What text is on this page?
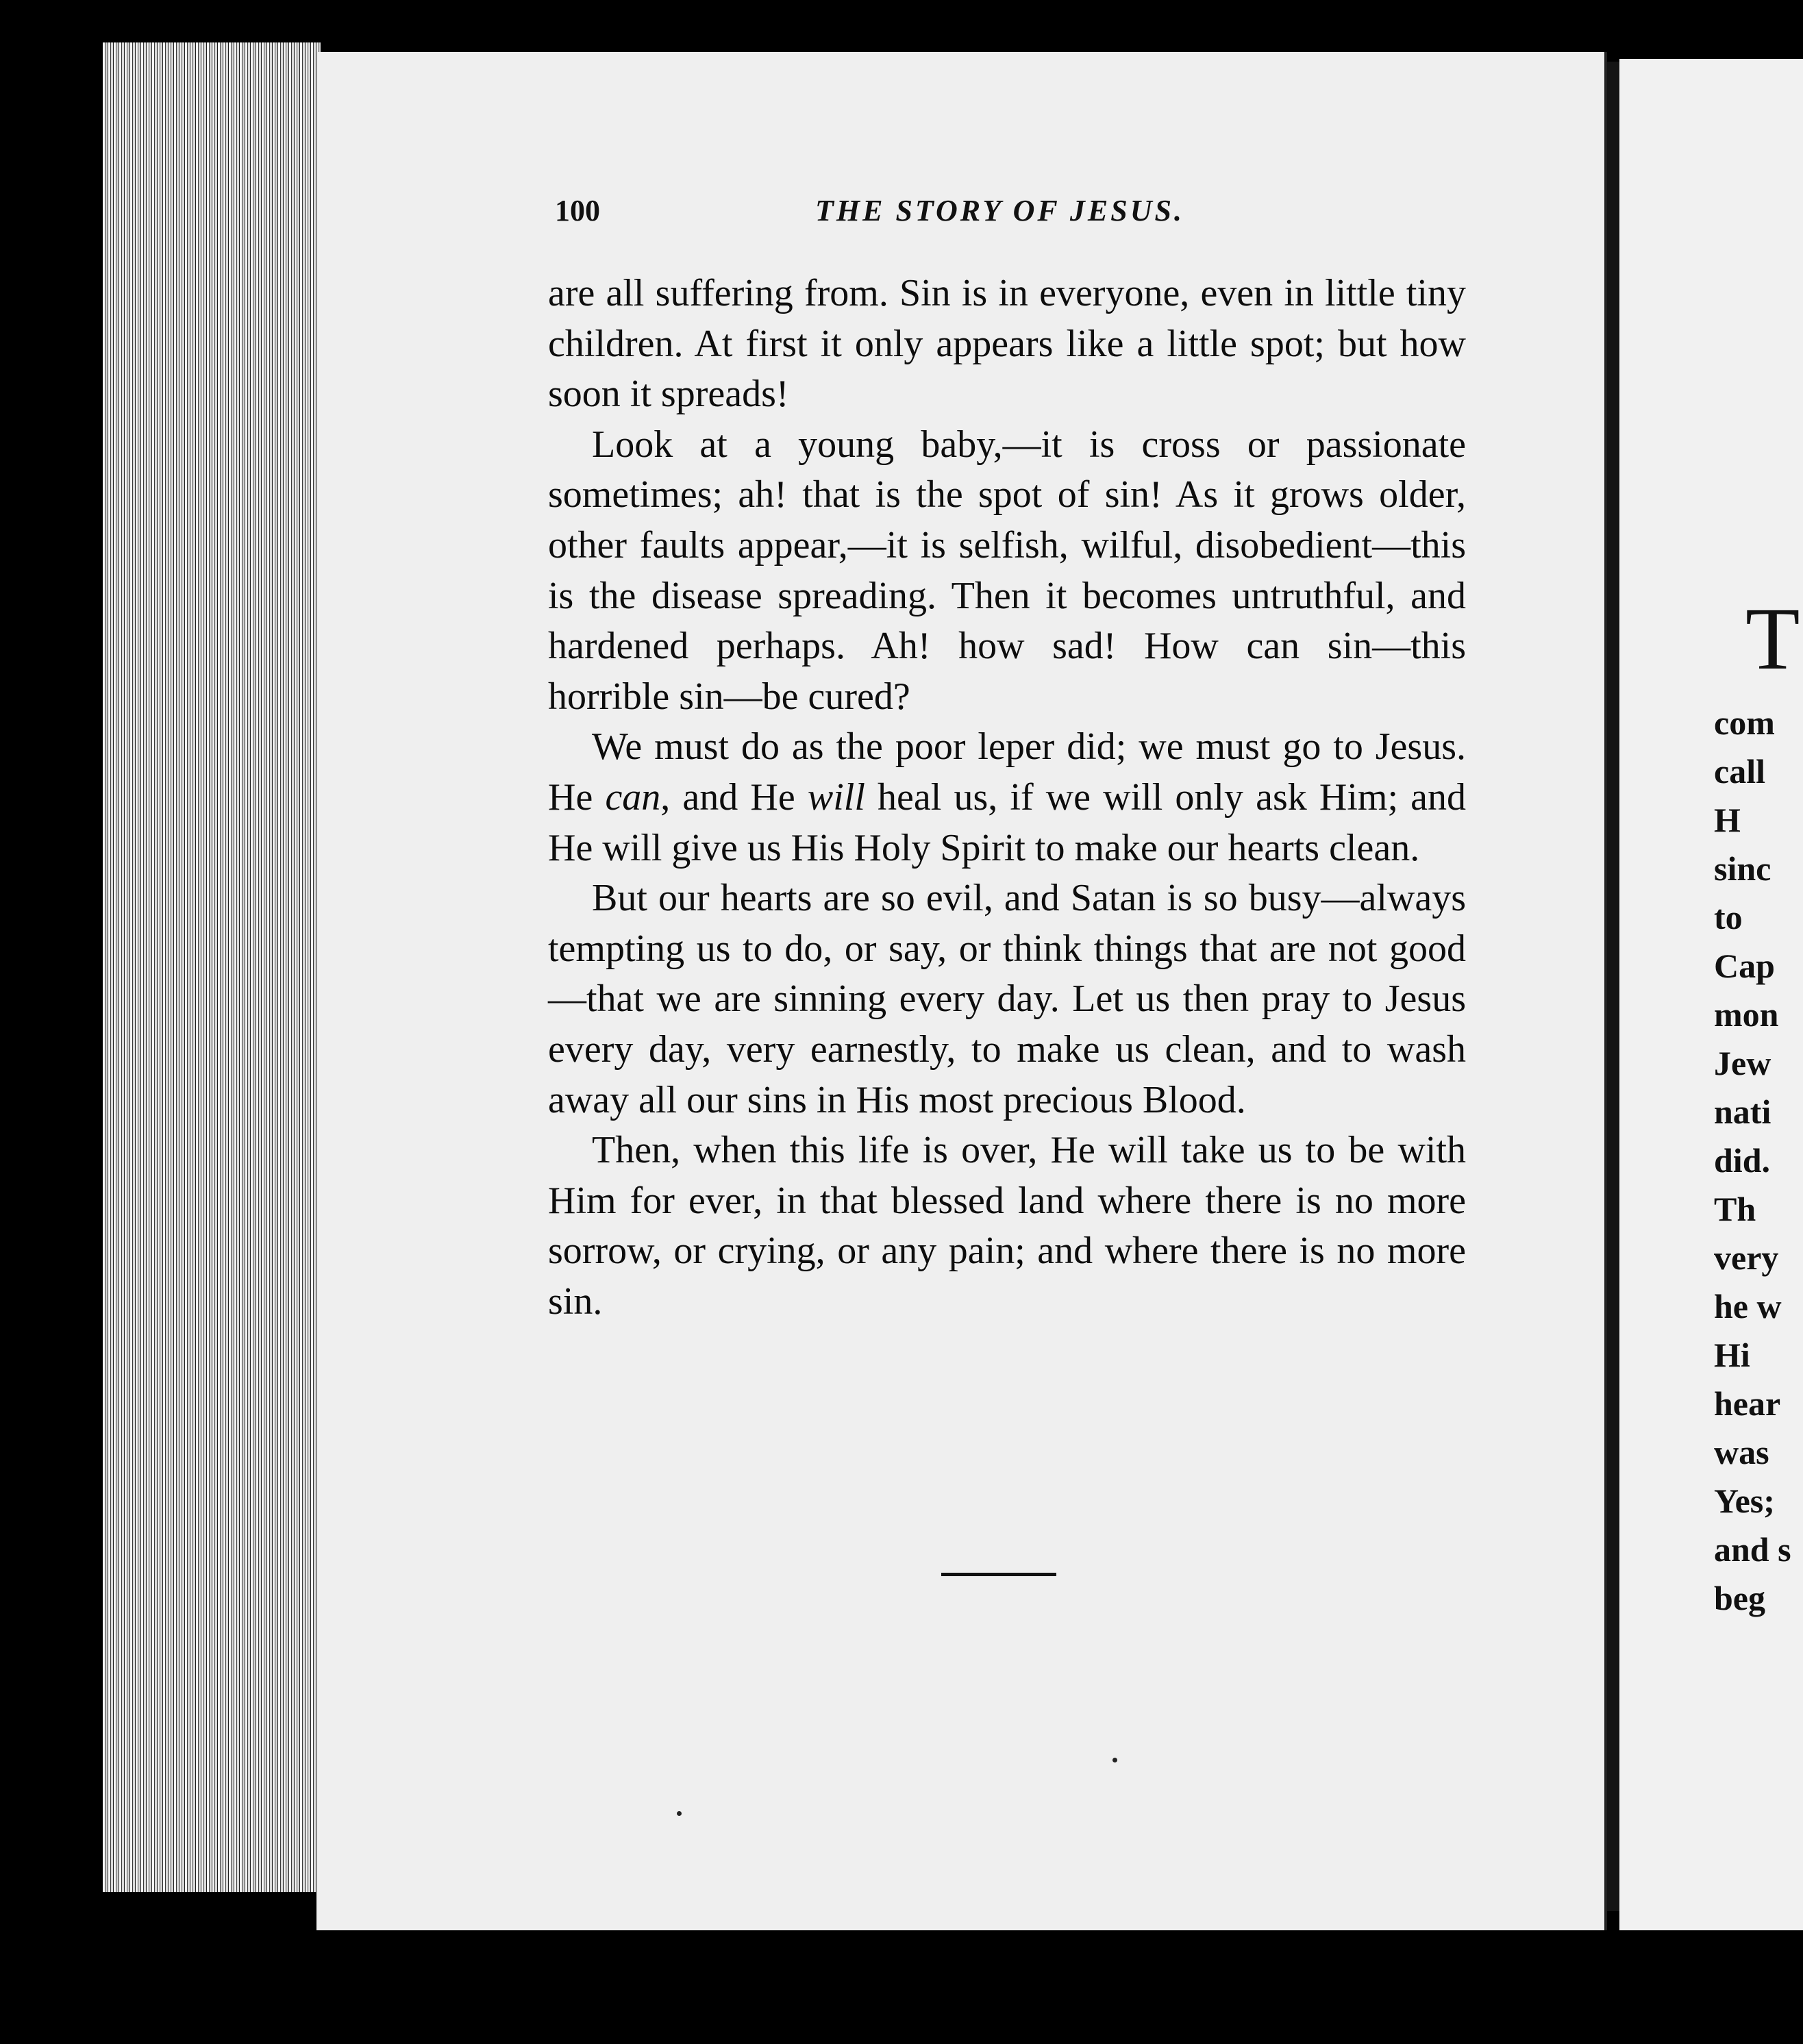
100	THE STORY OF JESUS.

are all suffering from. Sin is in everyone, even in little tiny children. At first it only appears like a little spot; but how soon it spreads!

Look at a young baby,—it is cross or passionate sometimes; ah! that is the spot of sin! As it grows older, other faults appear,—it is selfish, wilful, disobedient—this is the disease spreading. Then it becomes untruthful, and hardened perhaps. Ah! how sad! How can sin—this horrible sin—be cured?

We must do as the poor leper did; we must go to Jesus. He can, and He will heal us, if we will only ask Him; and He will give us His Holy Spirit to make our hearts clean.

But our hearts are so evil, and Satan is so busy—always tempting us to do, or say, or think things that are not good—that we are sinning every day. Let us then pray to Jesus every day, very earnestly, to make us clean, and to wash away all our sins in His most precious Blood.

Then, when this life is over, He will take us to be with Him for ever, in that blessed land where there is no more sorrow, or crying, or any pain; and where there is no more sin.

T
com
call
H
sinc
to
Cap
mon
Jew
nati
did.
Th
very
he w
Hi
hear
was
Yes;
and s
beg
